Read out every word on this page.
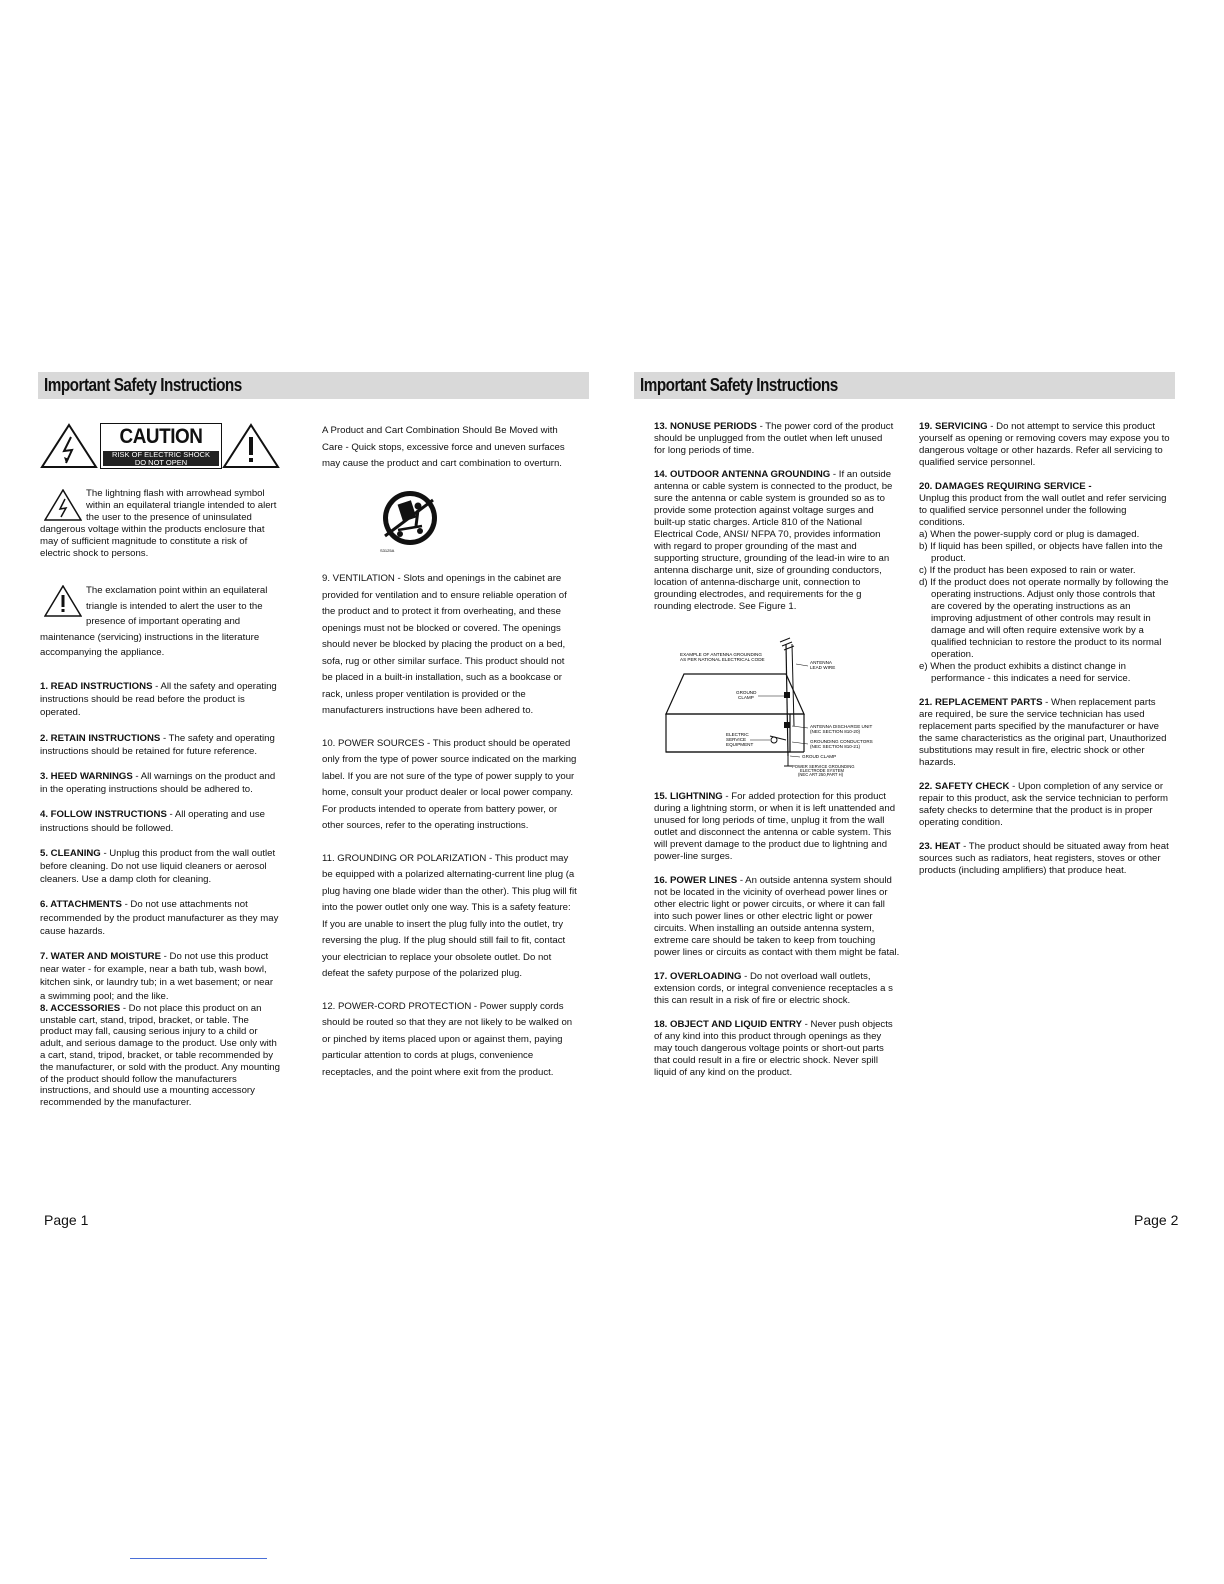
Important Safety Instructions
CAUTION
RISK OF ELECTRIC SHOCK
DO NOT OPEN
The lightning flash with arrowhead symbol within an equilateral triangle intended to alert the user to the presence of uninsulated dangerous voltage within the products enclosure that may of sufficient magnitude to constitute a risk of electric shock to persons.
The exclamation point within an equilateral triangle is intended to alert the user to the presence of important operating and maintenance (servicing) instructions in the literature accompanying the appliance.

1. READ INSTRUCTIONS - All the safety and operating instructions should be read before the product is operated.

2. RETAIN INSTRUCTIONS - The safety and operating instructions should be retained for future reference.

3. HEED WARNINGS - All warnings on the product and in the operating instructions should be adhered to.

4. FOLLOW INSTRUCTIONS - All operating and use instructions should be followed.

5. CLEANING - Unplug this product from the wall outlet before cleaning. Do not use liquid cleaners or aerosol cleaners. Use a damp cloth for cleaning.

6. ATTACHMENTS - Do not use attachments not recommended by the product manufacturer as they may cause hazards.

7. WATER AND MOISTURE - Do not use this product near water - for example, near a bath tub, wash bowl, kitchen sink, or laundry tub; in a wet basement; or near a swimming pool; and the like.

8. ACCESSORIES - Do not place this product on an unstable cart, stand, tripod, bracket, or table. The product may fall, causing serious injury to a child or adult, and serious damage to the product. Use only with a cart, stand, tripod, bracket, or table recommended by the manufacturer, or sold with the product. Any mounting of the product should follow the manufacturers instructions, and should use a mounting accessory recommended by the manufacturer.

A Product and Cart Combination Should Be Moved with Care - Quick stops, excessive force and uneven surfaces may cause the product and cart combination to overturn.

S3125A

9. VENTILATION - Slots and openings in the cabinet are provided for ventilation and to ensure reliable operation of the product and to protect it from overheating, and these openings must not be blocked or covered. The openings should never be blocked by placing the product on a bed, sofa, rug or other similar surface. This product should not be placed in a built-in installation, such as a bookcase or rack, unless proper ventilation is provided or the manufacturers instructions have been adhered to.

10. POWER SOURCES - This product should be operated only from the type of power source indicated on the marking label. If you are not sure of the type of power supply to your home, consult your product dealer or local power company. For products intended to operate from battery power, or other sources, refer to the operating instructions.

11. GROUNDING OR POLARIZATION - This product may be equipped with a polarized alternating-current line plug (a plug having one blade wider than the other). This plug will fit into the power outlet only one way. This is a safety feature: If you are unable to insert the plug fully into the outlet, try reversing the plug. If the plug should still fail to fit, contact your electrician to replace your obsolete outlet. Do not defeat the safety purpose of the polarized plug.

12. POWER-CORD PROTECTION - Power supply cords should be routed so that they are not likely to be walked on or pinched by items placed upon or against them, paying particular attention to cords at plugs, convenience receptacles, and the point where exit from the product.

Page 1
Important Safety Instructions

13. NONUSE PERIODS - The power cord of the product should be unplugged from the outlet when left unused for long periods of time.

14. OUTDOOR ANTENNA GROUNDING - If an outside antenna or cable system is connected to the product, be sure the antenna or cable system is grounded so as to provide some protection against voltage surges and built-up static charges. Article 810 of the National Electrical Code, ANSI/ NFPA 70, provides information with regard to proper grounding of the mast and supporting structure, grounding of the lead-in wire to an antenna discharge unit, size of grounding conductors, location of antenna-discharge unit, connection to grounding electrodes, and requirements for the g rounding electrode. See Figure 1.

EXAMPLE OF ANTENNA GROUNDING
AS PER NATIONAL ELECTRICAL CODE
ANTENNA
LEAD WIRE
GROUND
CLAMP
ANTENNA DISCHARGE UNIT
(NEC SECTION 810-20)
ELECTRIC
SERVICE
EQUIPMENT
GROUNDING CONDUCTORS
(NEC SECTION 810-21)
GROUD CLAMP
POWER SERVICE GROUNDING
ELECTRODE SYSTEM
(NEC ART 250,PART H)

15. LIGHTNING - For added protection for this product during a lightning storm, or when it is left unattended and unused for long periods of time, unplug it from the wall outlet and disconnect the antenna or cable system. This will prevent damage to the product due to lightning and power-line surges.

16. POWER LINES - An outside antenna system should not be located in the vicinity of overhead power lines or other electric light or power circuits, or where it can fall into such power lines or other electric light or power circuits. When installing an outside antenna system, extreme care should be taken to keep from touching power lines or circuits as contact with them might be fatal.

17. OVERLOADING - Do not overload wall outlets, extension cords, or integral convenience receptacles a s this can result in a risk of fire or electric shock.

18. OBJECT AND LIQUID ENTRY - Never push objects of any kind into this product through openings as they may touch dangerous voltage points or short-out parts that could result in a fire or electric shock. Never spill liquid of any kind on the product.

19. SERVICING - Do not attempt to service this product yourself as opening or removing covers may expose you to dangerous voltage or other hazards. Refer all servicing to qualified service personnel.

20. DAMAGES REQUIRING SERVICE -

Unplug this product from the wall outlet and refer servicing to qualified service personnel under the following conditions.

a) When the power-supply cord or plug is damaged.
b) If liquid has been spilled, or objects have fallen into the product.
c) If the product has been exposed to rain or water.
d) If the product does not operate normally by following the operating instructions. Adjust only those controls that are covered by the operating instructions as an improving adjustment of other controls may result in damage and will often require extensive work by a qualified technician to restore the product to its normal operation.
e) When the product exhibits a distinct change in performance - this indicates a need for service.

21. REPLACEMENT PARTS - When replacement parts are required, be sure the service technician has used replacement parts specified by the manufacturer or have the same characteristics as the original part, Unauthorized substitutions may result in fire, electric shock or other hazards.

22. SAFETY CHECK - Upon completion of any service or repair to this product, ask the service technician to perform safety checks to determine that the product is in proper operating condition.

23. HEAT - The product should be situated away from heat sources such as radiators, heat registers, stoves or other products (including amplifiers) that produce heat.

Page 2
